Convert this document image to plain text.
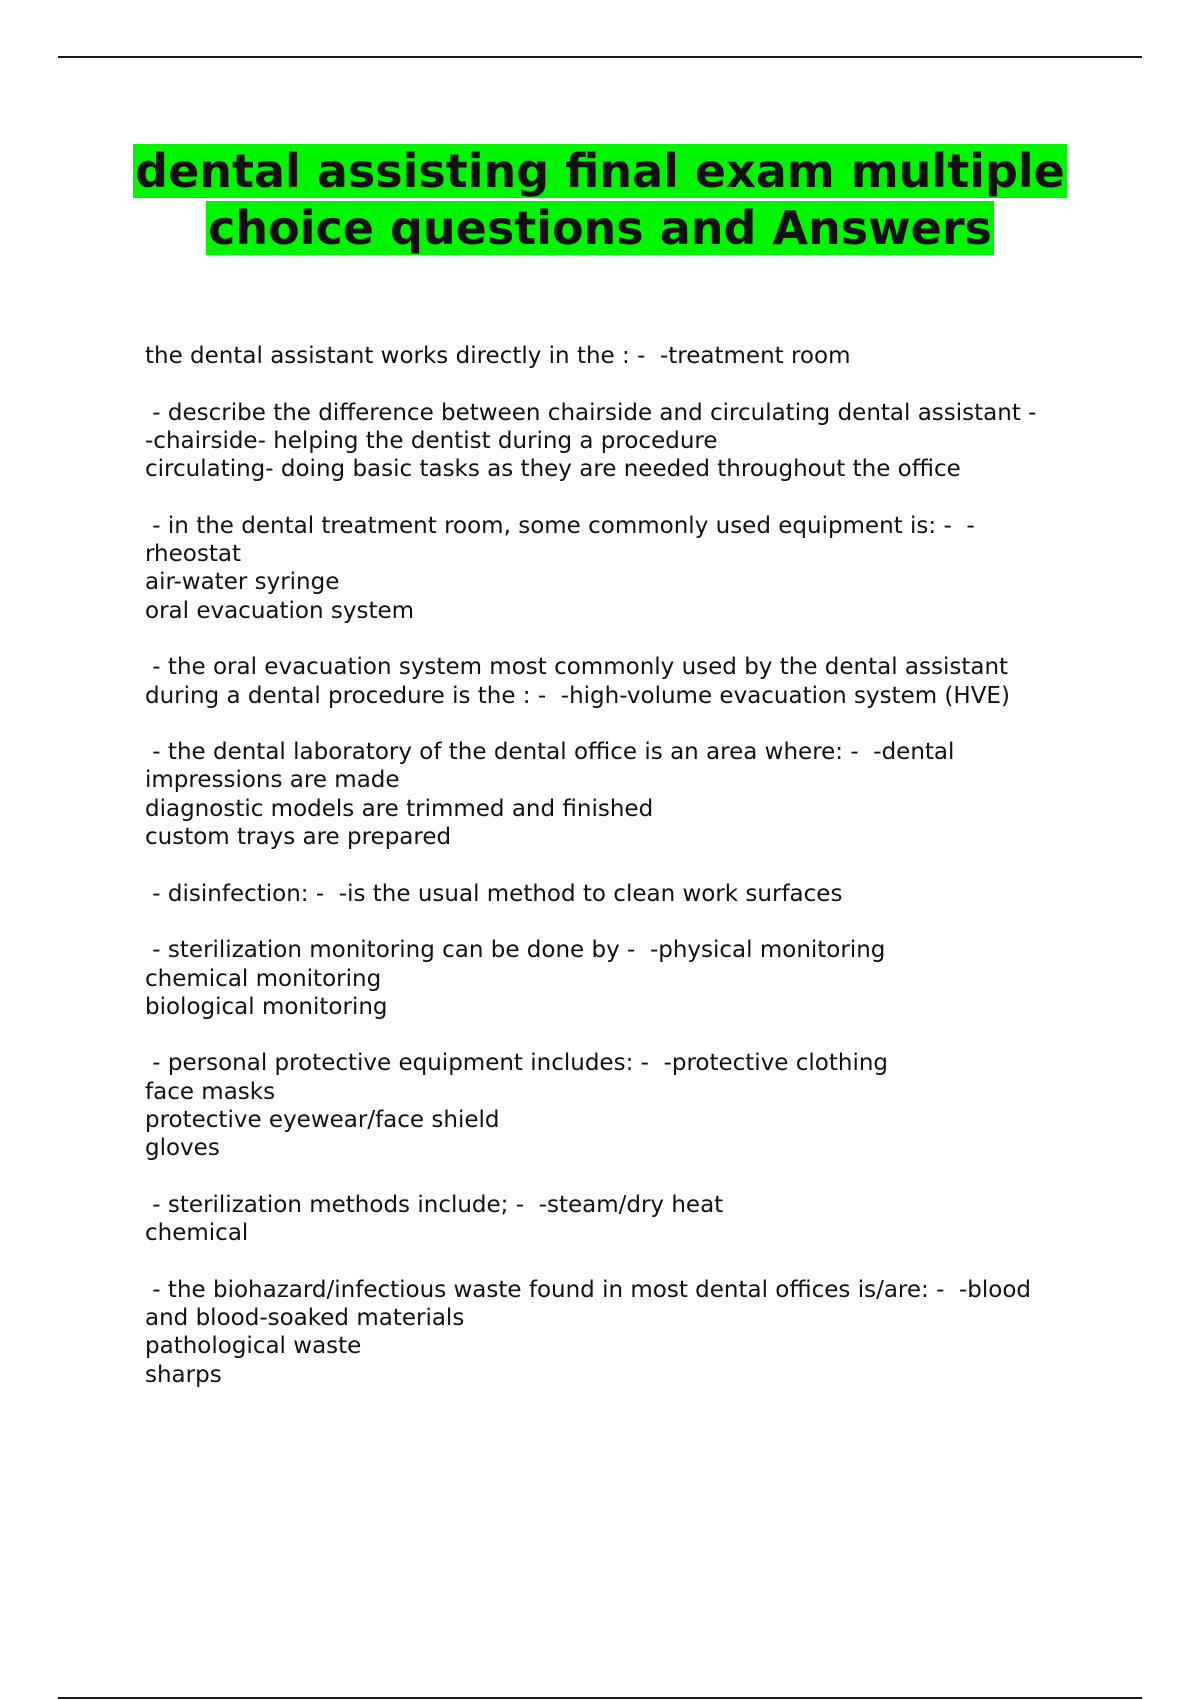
dental assisting final exam multiple choice questions and Answers
the dental assistant works directly in the : -  -treatment room
- describe the difference between chairside and circulating dental assistant -
-chairside- helping the dentist during a procedure
circulating- doing basic tasks as they are needed throughout the office
- in the dental treatment room, some commonly used equipment is: -  -
rheostat
air-water syringe
oral evacuation system
- the oral evacuation system most commonly used by the dental assistant
during a dental procedure is the : -  -high-volume evacuation system (HVE)
- the dental laboratory of the dental office is an area where: -  -dental
impressions are made
diagnostic models are trimmed and finished
custom trays are prepared
- disinfection: -  -is the usual method to clean work surfaces
- sterilization monitoring can be done by -  -physical monitoring
chemical monitoring
biological monitoring
- personal protective equipment includes: -  -protective clothing
face masks
protective eyewear/face shield
gloves
- sterilization methods include; -  -steam/dry heat
chemical
- the biohazard/infectious waste found in most dental offices is/are: -  -blood
and blood-soaked materials
pathological waste
sharps
